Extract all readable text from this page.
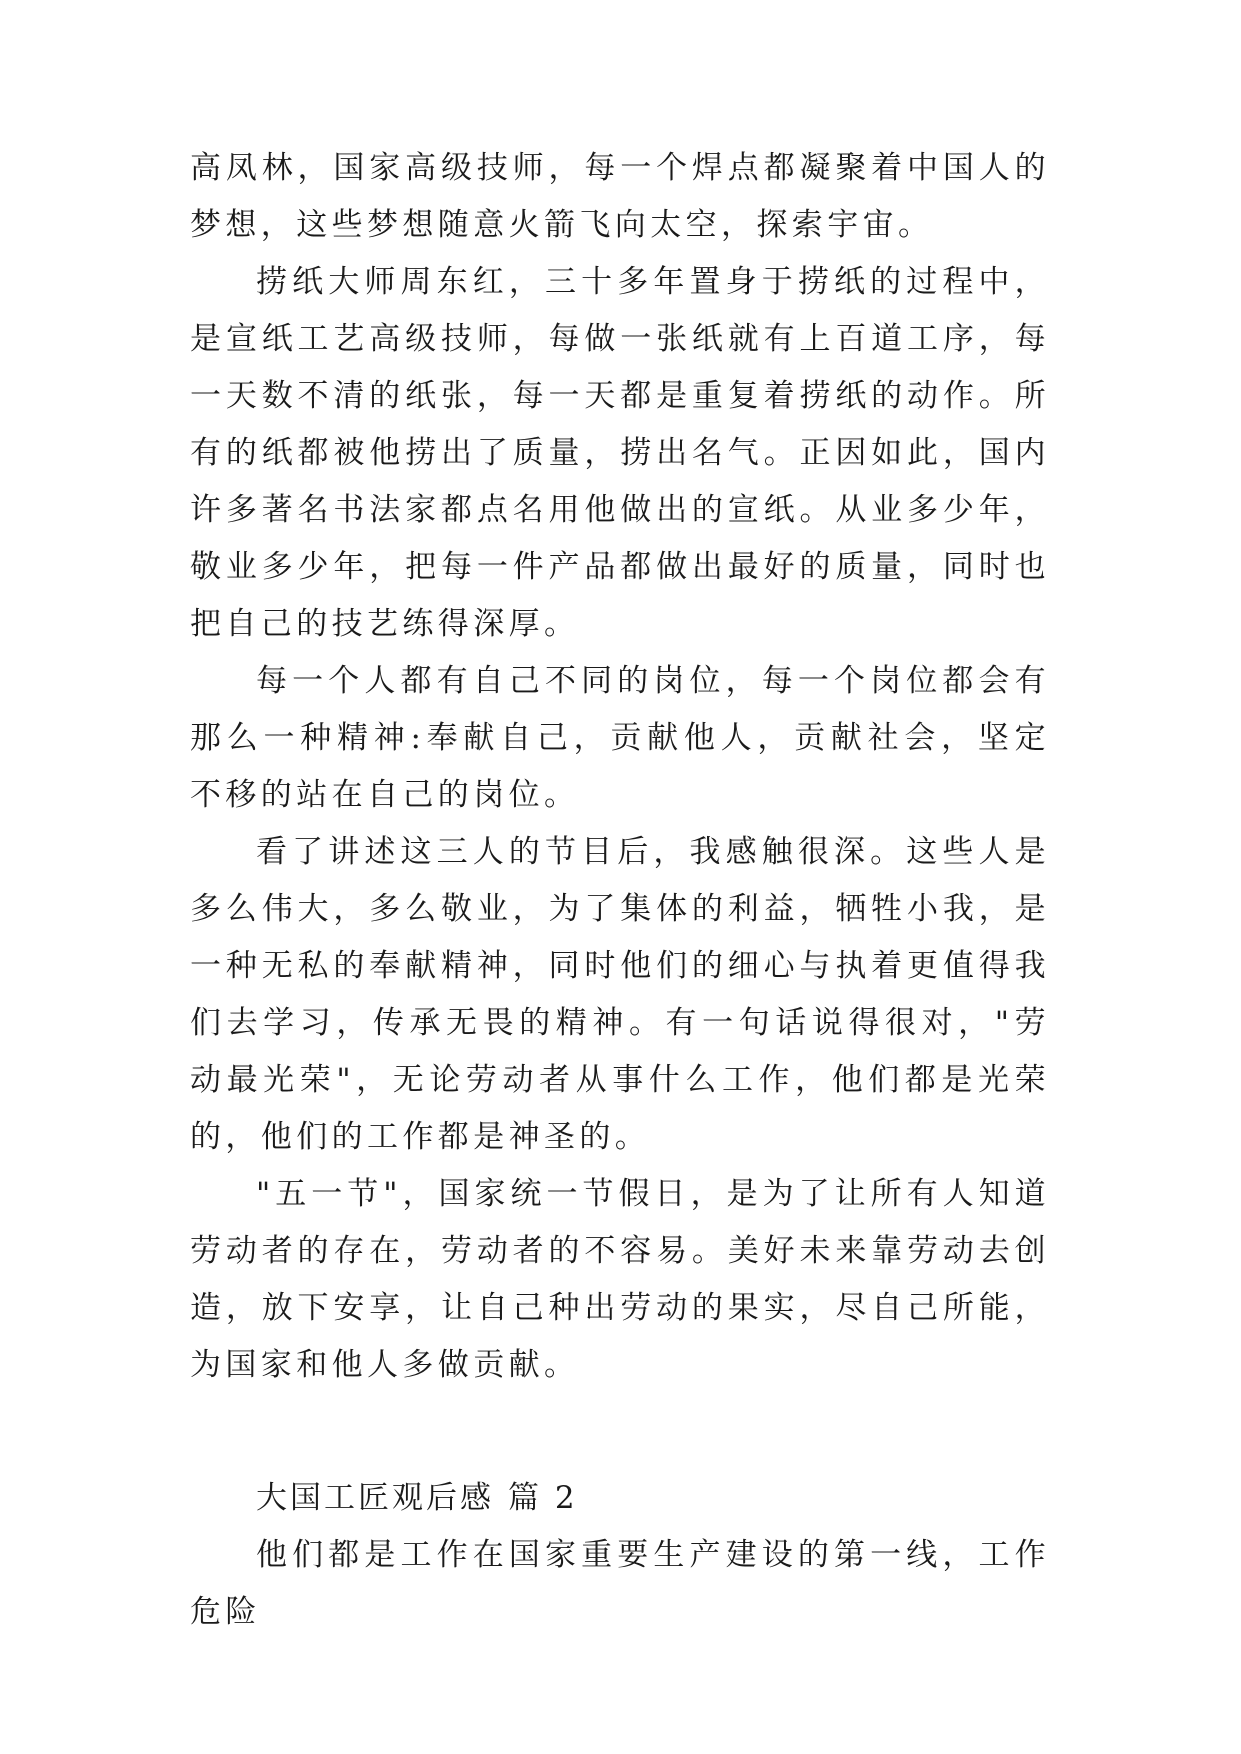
高凤林，国家高级技师，每一个焊点都凝聚着中国人的梦想，这些梦想随意火箭飞向太空，探索宇宙。

捞纸大师周东红，三十多年置身于捞纸的过程中，是宣纸工艺高级技师，每做一张纸就有上百道工序，每一天数不清的纸张，每一天都是重复着捞纸的动作。所有的纸都被他捞出了质量，捞出名气。正因如此，国内许多著名书法家都点名用他做出的宣纸。从业多少年，敬业多少年，把每一件产品都做出最好的质量，同时也把自己的技艺练得深厚。

每一个人都有自己不同的岗位，每一个岗位都会有那么一种精神:奉献自己，贡献他人，贡献社会，坚定不移的站在自己的岗位。

看了讲述这三人的节目后，我感触很深。这些人是多么伟大，多么敬业，为了集体的利益，牺牲小我，是一种无私的奉献精神，同时他们的细心与执着更值得我们去学习，传承无畏的精神。有一句话说得很对，"劳动最光荣"，无论劳动者从事什么工作，他们都是光荣的，他们的工作都是神圣的。

"五一节"，国家统一节假日，是为了让所有人知道劳动者的存在，劳动者的不容易。美好未来靠劳动去创造，放下安享，让自己种出劳动的果实，尽自己所能，为国家和他人多做贡献。

大国工匠观后感 篇 2

他们都是工作在国家重要生产建设的第一线，工作危险
